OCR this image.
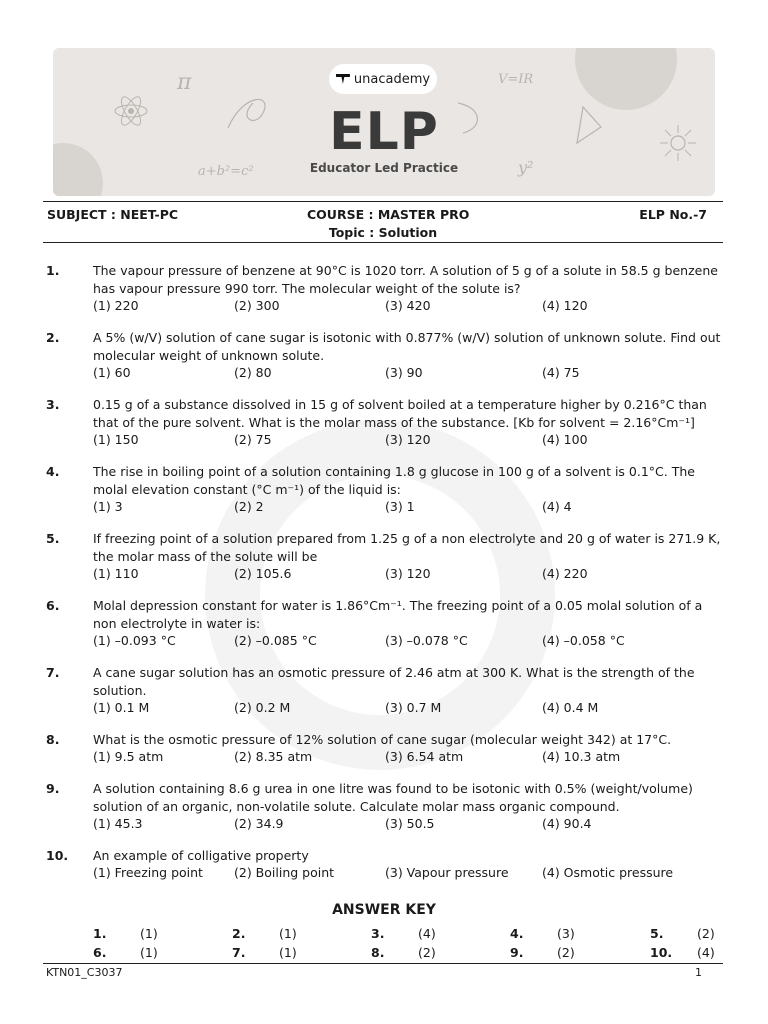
π	V=IR
a+b²=c²	y²
unacademy
ELP
Educator Led Practice
SUBJECT : NEET-PC	COURSE : MASTER PRO	ELP No.-7
Topic : Solution
1.	The vapour pressure of benzene at 90°C is 1020 torr. A solution of 5 g of a solute in 58.5 g benzene has vapour pressure 990 torr. The molecular weight of the solute is?
(1) 220	(2) 300	(3) 420	(4) 120
2.	A 5% (w/V) solution of cane sugar is isotonic with 0.877% (w/V) solution of unknown solute. Find out molecular weight of unknown solute.
(1) 60	(2) 80	(3) 90	(4) 75
3.	0.15 g of a substance dissolved in 15 g of solvent boiled at a temperature higher by 0.216°C than that of the pure solvent. What is the molar mass of the substance. [Kb for solvent = 2.16°Cm⁻¹]
(1) 150	(2) 75	(3) 120	(4) 100
4.	The rise in boiling point of a solution containing 1.8 g glucose in 100 g of a solvent is 0.1°C. The molal elevation constant (°C m⁻¹) of the liquid is:
(1) 3	(2) 2	(3) 1	(4) 4
5.	If freezing point of a solution prepared from 1.25 g of a non electrolyte and 20 g of water is 271.9 K, the molar mass of the solute will be
(1) 110	(2) 105.6	(3) 120	(4) 220
6.	Molal depression constant for water is 1.86°Cm⁻¹. The freezing point of a 0.05 molal solution of a non electrolyte in water is:
(1) –0.093 °C	(2) –0.085 °C	(3) –0.078 °C	(4) –0.058 °C
7.	A cane sugar solution has an osmotic pressure of 2.46 atm at 300 K. What is the strength of the solution.
(1) 0.1 M	(2) 0.2 M	(3) 0.7 M	(4) 0.4 M
8.	What is the osmotic pressure of 12% solution of cane sugar (molecular weight 342) at 17°C.
(1) 9.5 atm	(2) 8.35 atm	(3) 6.54 atm	(4) 10.3 atm
9.	A solution containing 8.6 g urea in one litre was found to be isotonic with 0.5% (weight/volume) solution of an organic, non-volatile solute. Calculate molar mass organic compound.
(1) 45.3	(2) 34.9	(3) 50.5	(4) 90.4
10. An example of colligative property
(1) Freezing point (2) Boiling point	(3) Vapour pressure	(4) Osmotic pressure
ANSWER KEY
1.	(1)	2.	(1)	3.	(4)	4.	(3)	5.	(2)
6.	(1)	7.	(1)	8.	(2)	9.	(2)	10. (4)
KTN01_C3037	1
